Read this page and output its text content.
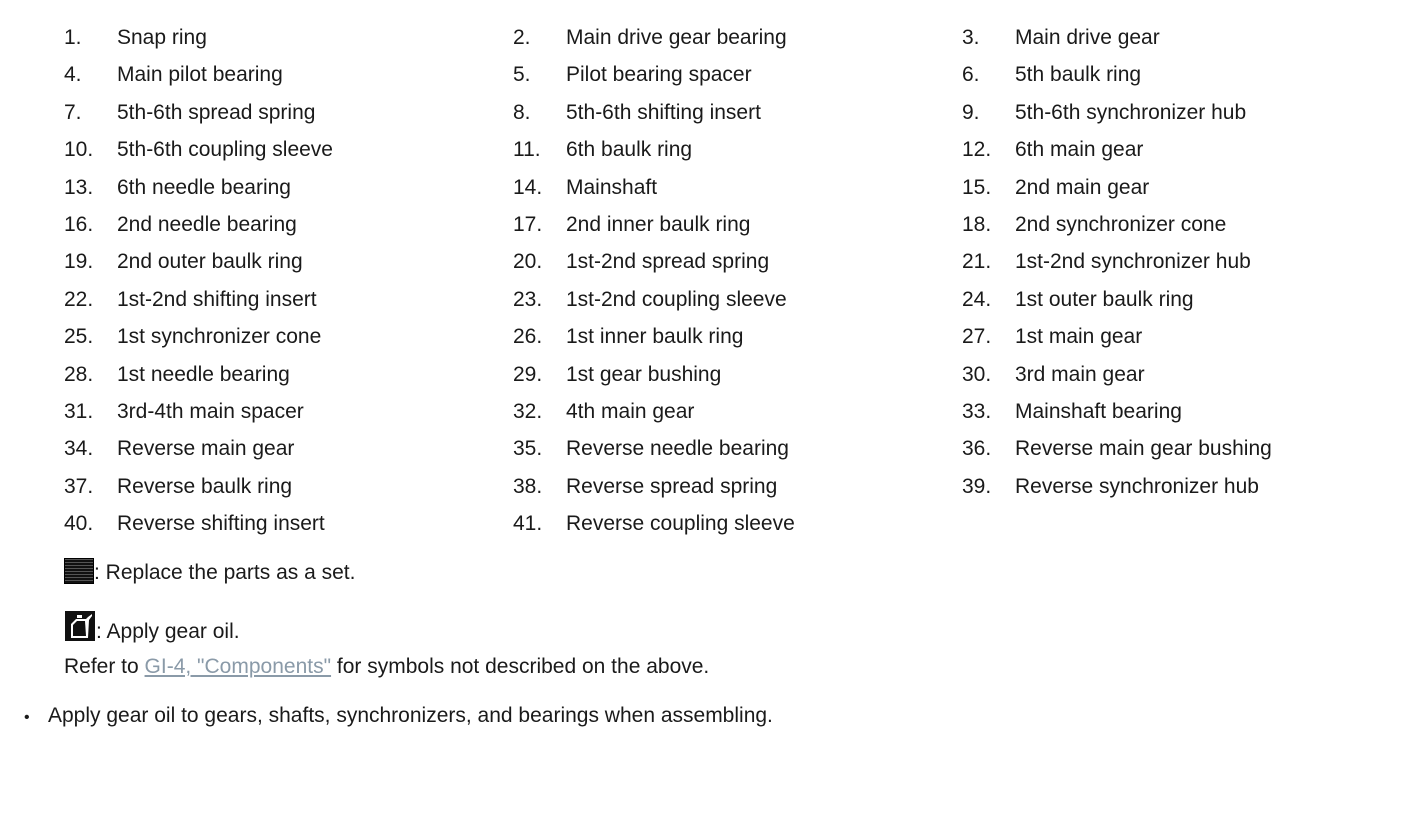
1. Snap ring	2. Main drive gear bearing	3. Main drive gear
4. Main pilot bearing	5. Pilot bearing spacer	6. 5th baulk ring
7. 5th-6th spread spring	8. 5th-6th shifting insert	9. 5th-6th synchronizer hub
10. 5th-6th coupling sleeve	11. 6th baulk ring	12. 6th main gear
13. 6th needle bearing	14. Mainshaft	15. 2nd main gear
16. 2nd needle bearing	17. 2nd inner baulk ring	18. 2nd synchronizer cone
19. 2nd outer baulk ring	20. 1st-2nd spread spring	21. 1st-2nd synchronizer hub
22. 1st-2nd shifting insert	23. 1st-2nd coupling sleeve	24. 1st outer baulk ring
25. 1st synchronizer cone	26. 1st inner baulk ring	27. 1st main gear
28. 1st needle bearing	29. 1st gear bushing	30. 3rd main gear
31. 3rd-4th main spacer	32. 4th main gear	33. Mainshaft bearing
34. Reverse main gear	35. Reverse needle bearing	36. Reverse main gear bushing
37. Reverse baulk ring	38. Reverse spread spring	39. Reverse synchronizer hub
40. Reverse shifting insert	41. Reverse coupling sleeve
: Replace the parts as a set.
: Apply gear oil.
Refer to GI-4, "Components" for symbols not described on the above.
• Apply gear oil to gears, shafts, synchronizers, and bearings when assembling.
